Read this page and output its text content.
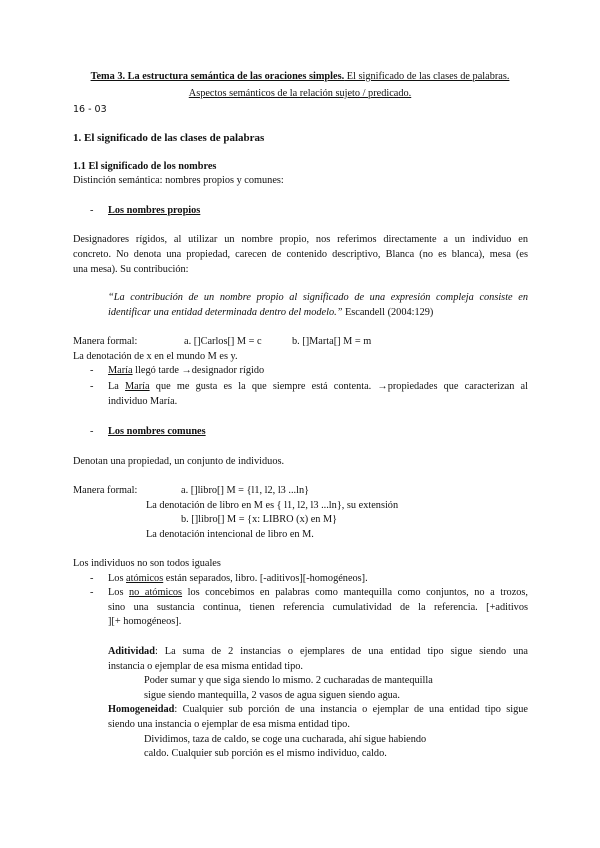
Tema 3. La estructura semántica de las oraciones simples. El significado de las clases de palabras.
Aspectos semánticos de la relación sujeto / predicado.
16 - 03
1. El significado de las clases de palabras
1.1 El significado de los nombres
Distinción semántica: nombres propios y comunes:
- Los nombres propios
Designadores rígidos, al utilizar un nombre propio, nos referimos directamente a un individuo en
concreto. No denota una propiedad, carecen de contenido descriptivo, Blanca (no es blanca), mesa (es
una mesa). Su contribución:
“La contribución de un nombre propio al significado de una expresión compleja consiste en
identificar una entidad determinada dentro del modelo.” Escandell (2004:129)
Manera formal:	a. []Carlos[] M = c	b. []Marta[] M = m
La denotación de x en el mundo M es y.
- María llegó tarde →designador rígido
- La María que me gusta es la que siempre está contenta. →propiedades que caracterizan al
individuo María.
- Los nombres comunes
Denotan una propiedad, un conjunto de individuos.
Manera formal:	a. []libro[] M = {l1, l2, l3 ...ln}
La denotación de libro en M es { l1, l2, l3 ...ln}, su extensión
b. []libro[] M = {x: LIBRO (x) en M}
La denotación intencional de libro en M.
Los individuos no son todos iguales
- Los atómicos están separados, libro. [-aditivos][-homogéneos].
- Los no atómicos los concebimos en palabras como mantequilla como conjuntos, no a trozos,
sino una sustancia continua, tienen referencia cumulatividad de la referencia. [+aditivos
][+ homogéneos].
Aditividad: La suma de 2 instancias o ejemplares de una entidad tipo sigue siendo una
instancia o ejemplar de esa misma entidad tipo.
Poder sumar y que siga siendo lo mismo. 2 cucharadas de mantequilla
sigue siendo mantequilla, 2 vasos de agua siguen siendo agua.
Homogeneidad: Cualquier sub porción de una instancia o ejemplar de una entidad tipo sigue
siendo una instancia o ejemplar de esa misma entidad tipo.
Dividimos, taza de caldo, se coge una cucharada, ahí sigue habiendo
caldo. Cualquier sub porción es el mismo individuo, caldo.
